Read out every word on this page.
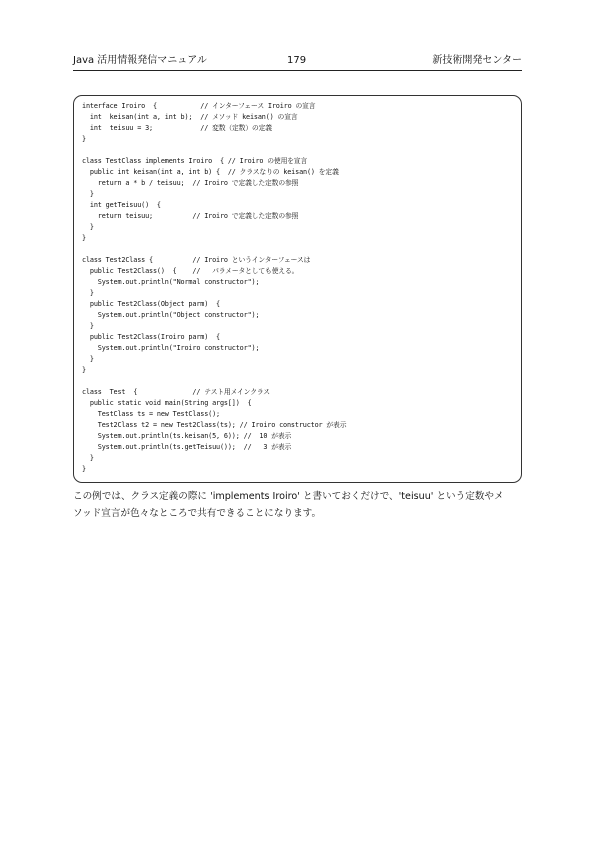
Java 活用情報発信マニュアル	179	新技術開発センター
interface Iroiro  {           // インターフェース Iroiro の宣言
int  keisan(int a, int b);  // メソッド keisan() の宣言
int  teisuu = 3;            // 変数（定数）の定義
}
class TestClass implements Iroiro  { // Iroiro の使用を宣言
public int keisan(int a, int b) {  // クラスなりの keisan() を定義
return a * b / teisuu;  // Iroiro で定義した定数の参照
}
int getTeisuu()  {
return teisuu;          // Iroiro で定義した定数の参照
}
}
class Test2Class {          // Iroiro というインターフェースは
public Test2Class()  {    //   パラメータとしても使える。
System.out.println("Normal constructor");
}
public Test2Class(Object parm)  {
System.out.println("Object constructor");
}
public Test2Class(Iroiro parm)  {
System.out.println("Iroiro constructor");
}
}
class  Test  {              // テスト用メインクラス
public static void main(String args[])  {
TestClass ts = new TestClass();
Test2Class t2 = new Test2Class(ts); // Iroiro constructor が表示
System.out.println(ts.keisan(5, 6)); //  10 が表示
System.out.println(ts.getTeisuu());  //   3 が表示
}
}
この例では、クラス定義の際に 'implements Iroiro' と書いておくだけで、'teisuu' という定数やメ
ソッド宣言が色々なところで共有できることになります。
